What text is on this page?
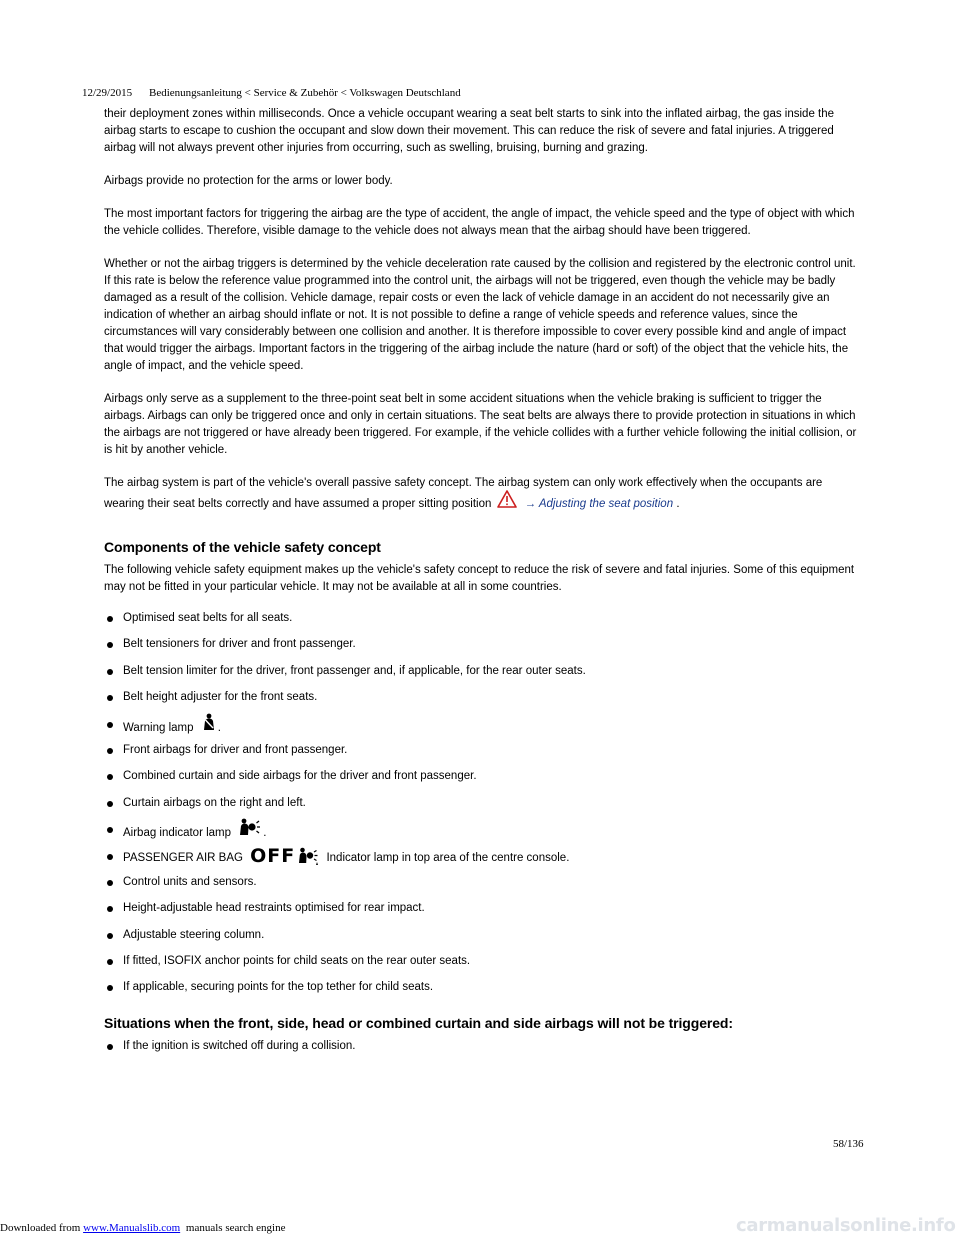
12/29/2015 Bedienungsanleitung < Service & Zubehör < Volkswagen Deutschland

their deployment zones within milliseconds. Once a vehicle occupant wearing a seat belt starts to sink into the inflated airbag, the gas inside the airbag starts to escape to cushion the occupant and slow down their movement. This can reduce the risk of severe and fatal injuries. A triggered airbag will not always prevent other injuries from occurring, such as swelling, bruising, burning and grazing.

Airbags provide no protection for the arms or lower body.

The most important factors for triggering the airbag are the type of accident, the angle of impact, the vehicle speed and the type of object with which the vehicle collides. Therefore, visible damage to the vehicle does not always mean that the airbag should have been triggered.

Whether or not the airbag triggers is determined by the vehicle deceleration rate caused by the collision and registered by the electronic control unit. If this rate is below the reference value programmed into the control unit, the airbags will not be triggered, even though the vehicle may be badly damaged as a result of the collision. Vehicle damage, repair costs or even the lack of vehicle damage in an accident do not necessarily give an indication of whether an airbag should inflate or not. It is not possible to define a range of vehicle speeds and reference values, since the circumstances will vary considerably between one collision and another. It is therefore impossible to cover every possible kind and angle of impact that would trigger the airbags. Important factors in the triggering of the airbag include the nature (hard or soft) of the object that the vehicle hits, the angle of impact, and the vehicle speed.

Airbags only serve as a supplement to the three-point seat belt in some accident situations when the vehicle braking is sufficient to trigger the airbags. Airbags can only be triggered once and only in certain situations. The seat belts are always there to provide protection in situations in which the airbags are not triggered or have already been triggered. For example, if the vehicle collides with a further vehicle following the initial collision, or is hit by another vehicle.

The airbag system is part of the vehicle's overall passive safety concept. The airbag system can only work effectively when the occupants are wearing their seat belts correctly and have assumed a proper sitting position	→ Adjusting the seat position .

Components of the vehicle safety concept

The following vehicle safety equipment makes up the vehicle's safety concept to reduce the risk of severe and fatal injuries. Some of this equipment may not be fitted in your particular vehicle. It may not be available at all in some countries.

Optimised seat belts for all seats.
Belt tensioners for driver and front passenger.
Belt tension limiter for the driver, front passenger and, if applicable, for the rear outer seats.
Belt height adjuster for the front seats.
Warning lamp .
Front airbags for driver and front passenger.
Combined curtain and side airbags for the driver and front passenger.
Curtain airbags on the right and left.
Airbag indicator lamp	.
PASSENGER AIR BAG OFF	Indicator lamp in top area of the centre console.
Control units and sensors.
Height-adjustable head restraints optimised for rear impact.
Adjustable steering column.
If fitted, ISOFIX anchor points for child seats on the rear outer seats.
If applicable, securing points for the top tether for child seats.
Situations when the front, side, head or combined curtain and side airbags will not be triggered:
If the ignition is switched off during a collision.
58/136
Downloaded from www.Manualslib.com manuals search engine	carmanualsonline.info
